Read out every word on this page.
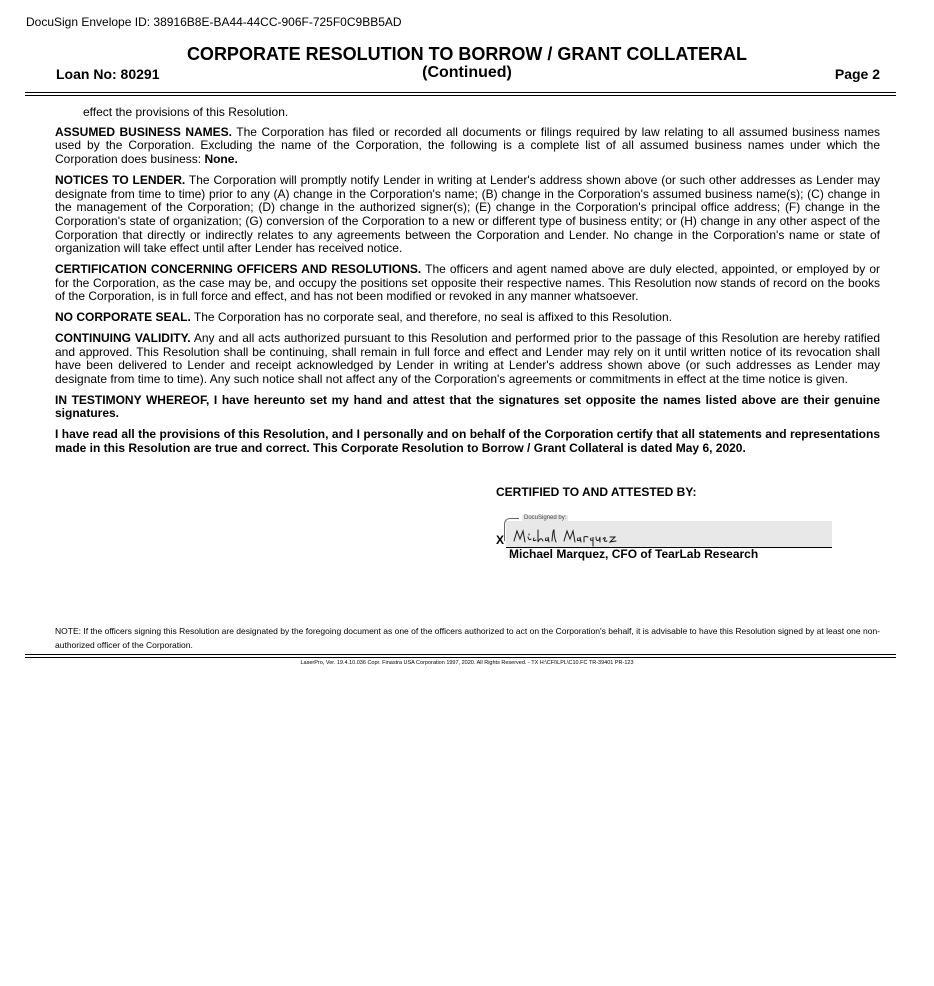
DocuSign Envelope ID: 38916B8E-BA44-44CC-906F-725F0C9BB5AD
CORPORATE RESOLUTION TO BORROW / GRANT COLLATERAL
Loan No: 80291	(Continued)	Page 2

effect the provisions of this Resolution.

ASSUMED BUSINESS NAMES. The Corporation has filed or recorded all documents or filings required by law relating to all assumed business names used by the Corporation. Excluding the name of the Corporation, the following is a complete list of all assumed business names under which the Corporation does business: None.

NOTICES TO LENDER. The Corporation will promptly notify Lender in writing at Lender's address shown above (or such other addresses as Lender may designate from time to time) prior to any (A) change in the Corporation's name; (B) change in the Corporation's assumed business name(s); (C) change in the management of the Corporation; (D) change in the authorized signer(s); (E) change in the Corporation's principal office address; (F) change in the Corporation's state of organization; (G) conversion of the Corporation to a new or different type of business entity; or (H) change in any other aspect of the Corporation that directly or indirectly relates to any agreements between the Corporation and Lender. No change in the Corporation's name or state of organization will take effect until after Lender has received notice.

CERTIFICATION CONCERNING OFFICERS AND RESOLUTIONS. The officers and agent named above are duly elected, appointed, or employed by or for the Corporation, as the case may be, and occupy the positions set opposite their respective names. This Resolution now stands of record on the books of the Corporation, is in full force and effect, and has not been modified or revoked in any manner whatsoever.

NO CORPORATE SEAL. The Corporation has no corporate seal, and therefore, no seal is affixed to this Resolution.

CONTINUING VALIDITY. Any and all acts authorized pursuant to this Resolution and performed prior to the passage of this Resolution are hereby ratified and approved. This Resolution shall be continuing, shall remain in full force and effect and Lender may rely on it until written notice of its revocation shall have been delivered to Lender and receipt acknowledged by Lender in writing at Lender's address shown above (or such addresses as Lender may designate from time to time). Any such notice shall not affect any of the Corporation's agreements or commitments in effect at the time notice is given.

IN TESTIMONY WHEREOF, I have hereunto set my hand and attest that the signatures set opposite the names listed above are their genuine signatures.

I have read all the provisions of this Resolution, and I personally and on behalf of the Corporation certify that all statements and representations made in this Resolution are true and correct. This Corporate Resolution to Borrow / Grant Collateral is dated May 6, 2020.

CERTIFIED TO AND ATTESTED BY:
DocuSigned by:
X
Michael Marquez, CFO of TearLab Research
NOTE: If the officers signing this Resolution are designated by the foregoing document as one of the officers authorized to act on the Corporation's behalf, it is advisable to have this Resolution signed by at least one non-authorized officer of the Corporation.
LaserPro, Ver. 19.4.10.036 Copr. Finastra USA Corporation 1997, 2020. All Rights Reserved. - TX H:\CFI\LPL\C10.FC TR-39401 PR-123
